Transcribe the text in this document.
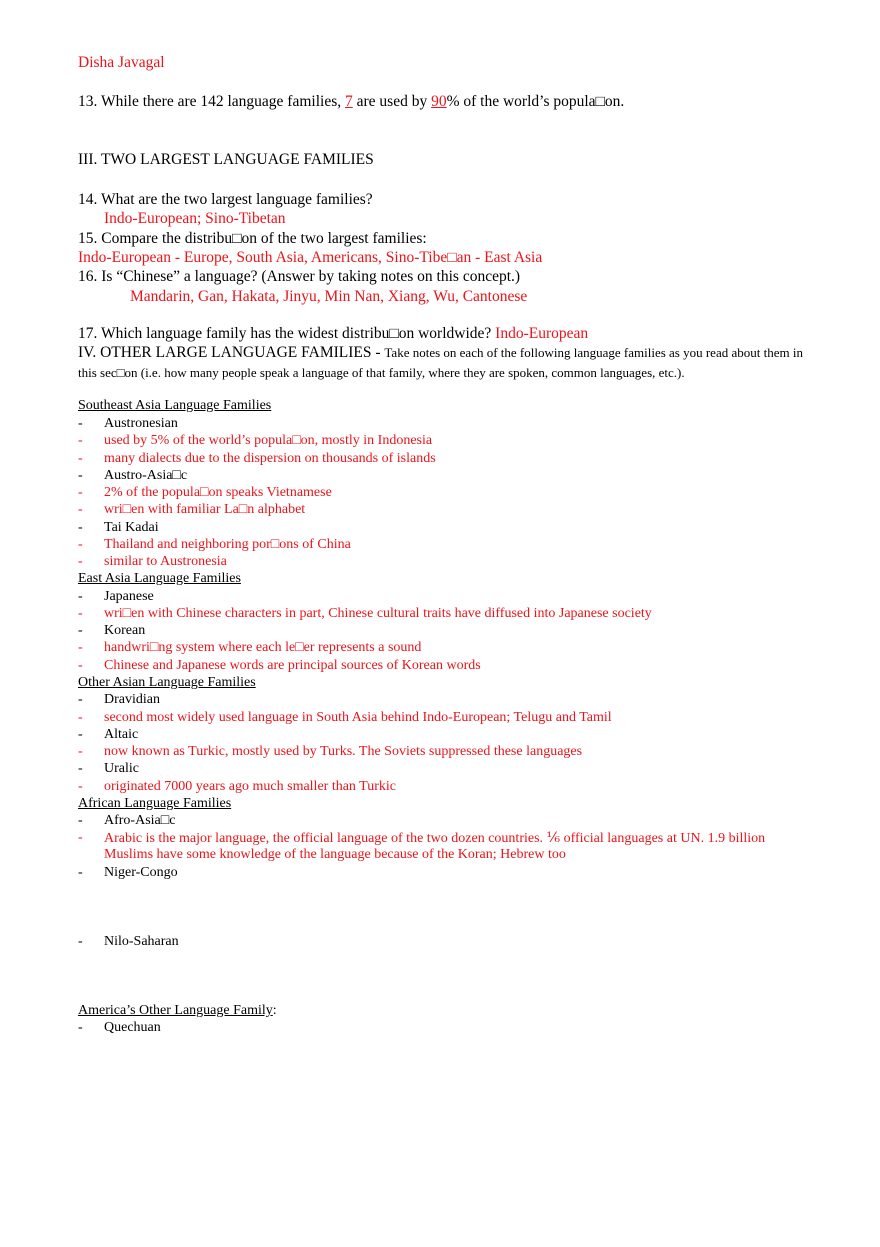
Disha Javagal
13. While there are 142 language families, 7 are used by 90% of the world’s popula□on.
III. TWO LARGEST LANGUAGE FAMILIES
14. What are the two largest language families?
Indo-European; Sino-Tibetan
15. Compare the distribu□on of the two largest families:
Indo-European - Europe, South Asia, Americans, Sino-Tibe□an - East Asia
16. Is “Chinese” a language? (Answer by taking notes on this concept.)
Mandarin, Gan, Hakata, Jinyu, Min Nan, Xiang, Wu, Cantonese
17. Which language family has the widest distribu□on worldwide? Indo-European
IV. OTHER LARGE LANGUAGE FAMILIES - Take notes on each of the following language families as you read about them in
this sec□on (i.e. how many people speak a language of that family, where they are spoken, common languages, etc.).
Southeast Asia Language Families
- Austronesian
- used by 5% of the world’s popula□on, mostly in Indonesia
- many dialects due to the dispersion on thousands of islands
- Austro-Asia□c
- 2% of the popula□on speaks Vietnamese
- wri□en with familiar La□n alphabet
- Tai Kadai
- Thailand and neighboring por□ons of China
- similar to Austronesia
East Asia Language Families
- Japanese
- wri□en with Chinese characters in part, Chinese cultural traits have diffused into Japanese society
- Korean
- handwri□ng system where each le□er represents a sound
- Chinese and Japanese words are principal sources of Korean words
Other Asian Language Families
- Dravidian
- second most widely used language in South Asia behind Indo-European; Telugu and Tamil
- Altaic
- now known as Turkic, mostly used by Turks. The Soviets suppressed these languages
- Uralic
- originated 7000 years ago much smaller than Turkic
African Language Families
- Afro-Asia□c
- Arabic is the major language, the official language of the two dozen countries. ⅙ official languages at UN. 1.9 billion
Muslims have some knowledge of the language because of the Koran; Hebrew too
- Niger-Congo
- Nilo-Saharan
America’s Other Language Family:
- Quechuan
